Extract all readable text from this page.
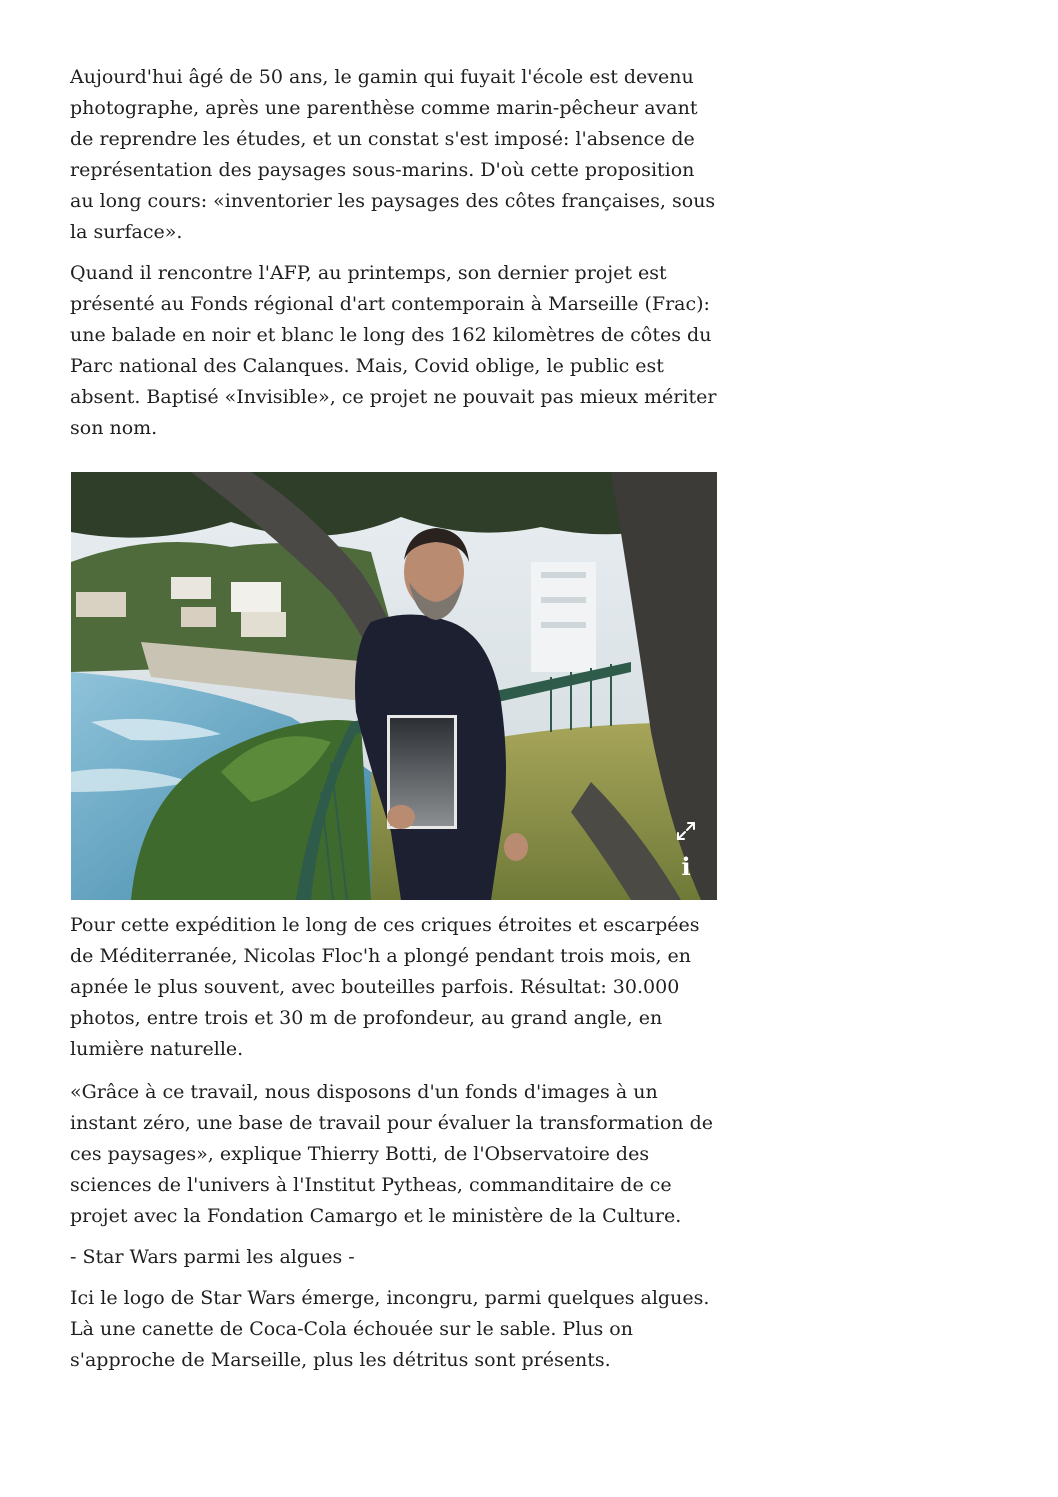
Aujourd'hui âgé de 50 ans, le gamin qui fuyait l'école est devenu photographe, après une parenthèse comme marin-pêcheur avant de reprendre les études, et un constat s'est imposé: l'absence de représentation des paysages sous-marins. D'où cette proposition au long cours: «inventorier les paysages des côtes françaises, sous la surface».

Quand il rencontre l'AFP, au printemps, son dernier projet est présenté au Fonds régional d'art contemporain à Marseille (Frac): une balade en noir et blanc le long des 162 kilomètres de côtes du Parc national des Calanques. Mais, Covid oblige, le public est absent. Baptisé «Invisible», ce projet ne pouvait pas mieux mériter son nom.

i

Pour cette expédition le long de ces criques étroites et escarpées de Méditerranée, Nicolas Floc'h a plongé pendant trois mois, en apnée le plus souvent, avec bouteilles parfois. Résultat: 30.000 photos, entre trois et 30 m de profondeur, au grand angle, en lumière naturelle.

«Grâce à ce travail, nous disposons d'un fonds d'images à un instant zéro, une base de travail pour évaluer la transformation de ces paysages», explique Thierry Botti, de l'Observatoire des sciences de l'univers à l'Institut Pytheas, commanditaire de ce projet avec la Fondation Camargo et le ministère de la Culture.

- Star Wars parmi les algues -

Ici le logo de Star Wars émerge, incongru, parmi quelques algues. Là une canette de Coca-Cola échouée sur le sable. Plus on s'approche de Marseille, plus les détritus sont présents.
